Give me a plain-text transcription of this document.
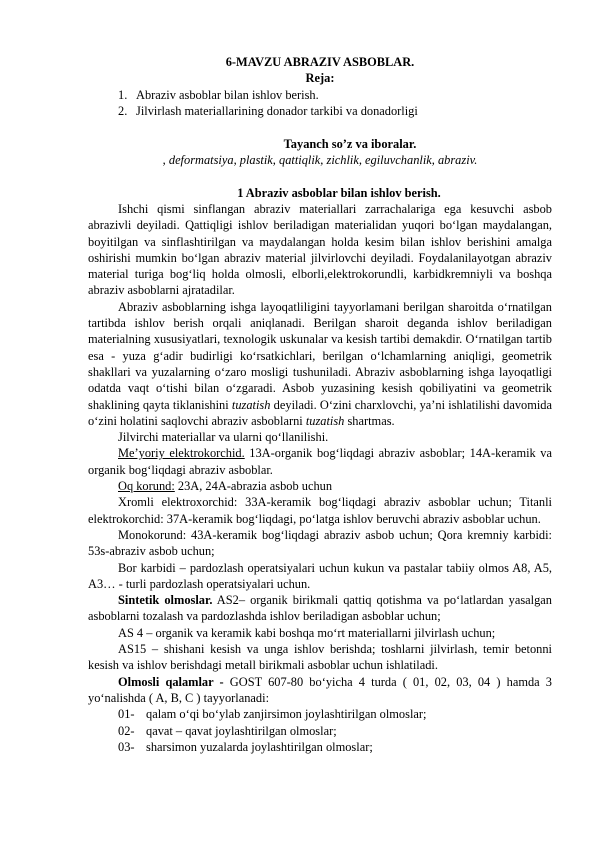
6-MAVZU ABRAZIV ASBOBLAR.
Reja:
1. Abraziv asboblar bilan ishlov berish.
2. Jilvirlash materiallarining donador tarkibi va donadorligi
Tayanch so’z va iboralar.
, deformatsiya, plastik, qattiqlik, zichlik, egiluvchanlik, abraziv.
1 Abraziv asboblar bilan ishlov berish.

Ishchi qismi sinflangan abraziv materiallari zarrachalariga ega kesuvchi asbob abrazivli deyiladi. Qattiqligi ishlov beriladigan materialidan yuqori bo‘lgan maydalangan, boyitilgan va sinflashtirilgan va maydalangan holda kesim bilan ishlov berishini amalga oshirishi mumkin bo‘lgan abraziv material jilvirlovchi deyiladi. Foydalanilayotgan abraziv material turiga bog‘liq holda olmosli, elborli,elektrokorundli, karbidkremniyli va boshqa abraziv asboblarni ajratadilar.

Abraziv asboblarning ishga layoqatliligini tayyorlamani berilgan sharoitda o‘rnatilgan tartibda ishlov berish orqali aniqlanadi. Berilgan sharoit deganda ishlov beriladigan materialning xususiyatlari, texnologik uskunalar va kesish tartibi demakdir. O‘rnatilgan tartib esa - yuza g‘adir budirligi ko‘rsatkichlari, berilgan o‘lchamlarning aniqligi, geometrik shakllari va yuzalarning o‘zaro mosligi tushuniladi. Abraziv asboblarning ishga layoqatligi odatda vaqt o‘tishi bilan o‘zgaradi. Asbob yuzasining kesish qobiliyatini va geometrik shaklining qayta tiklanishini tuzatish deyiladi. O‘zini charxlovchi, ya’ni ishlatilishi davomida o‘zini holatini saqlovchi abraziv asboblarni tuzatish shartmas.

Jilvirchi materiallar va ularni qo‘llanilishi.

Me’yoriy elektrokorchid. 13A-organik bog‘liqdagi abraziv asboblar; 14A-keramik va organik bog‘liqdagi abraziv asboblar.

Oq korund: 23A, 24A-abrazia asbob uchun

Xromli elektroxorchid: 33A-keramik bog‘liqdagi abraziv asboblar uchun; Titanli elektrokorchid: 37A-keramik bog‘liqdagi, po‘latga ishlov beruvchi abraziv asboblar uchun.

Monokorund: 43A-keramik bog‘liqdagi abraziv asbob uchun; Qora kremniy karbidi: 53s-abraziv asbob uchun;

Bor karbidi – pardozlash operatsiyalari uchun kukun va pastalar tabiiy olmos A8, A5, A3… - turli pardozlash operatsiyalari uchun.

Sintetik olmoslar. AS2– organik birikmali qattiq qotishma va po‘latlardan yasalgan asboblarni tozalash va pardozlashda ishlov beriladigan asboblar uchun;

AS 4 – organik va keramik kabi boshqa mo‘rt materiallarni jilvirlash uchun;

AS15 – shishani kesish va unga ishlov berishda; toshlarni jilvirlash, temir betonni kesish va ishlov berishdagi metall birikmali asboblar uchun ishlatiladi.

Olmosli qalamlar - GOST 607-80 bo‘yicha 4 turda ( 01, 02, 03, 04 ) hamda 3 yo‘nalishda ( A, B, C ) tayyorlanadi:

01- qalam o‘qi bo‘ylab zanjirsimon joylashtirilgan olmoslar;

02- qavat – qavat joylashtirilgan olmoslar;

03- sharsimon yuzalarda joylashtirilgan olmoslar;
